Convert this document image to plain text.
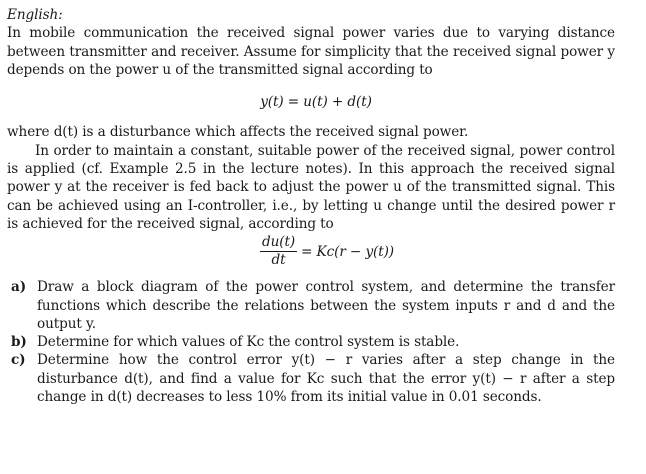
English:

In mobile communication the received signal power varies due to varying distance between transmitter and receiver. Assume for simplicity that the received signal power y depends on the power u of the transmitted signal according to

y(t) = u(t) + d(t)

where d(t) is a disturbance which affects the received signal power.

In order to maintain a constant, suitable power of the received signal, power control is applied (cf. Example 2.5 in the lecture notes). In this approach the received signal power y at the receiver is fed back to adjust the power u of the transmitted signal. This can be achieved using an I-controller, i.e., by letting u change until the desired power r is achieved for the received signal, according to

$\frac{du(t)}{dt} = Kc(r - y(t))$
a) Draw a block diagram of the power control system, and determine the transfer functions which describe the relations between the system inputs r and d and the output y.
b) Determine for which values of Kc the control system is stable.
c) Determine how the control error y(t) − r varies after a step change in the disturbance d(t), and find a value for Kc such that the error y(t) − r after a step change in d(t) decreases to less 10% from its initial value in 0.01 seconds.
